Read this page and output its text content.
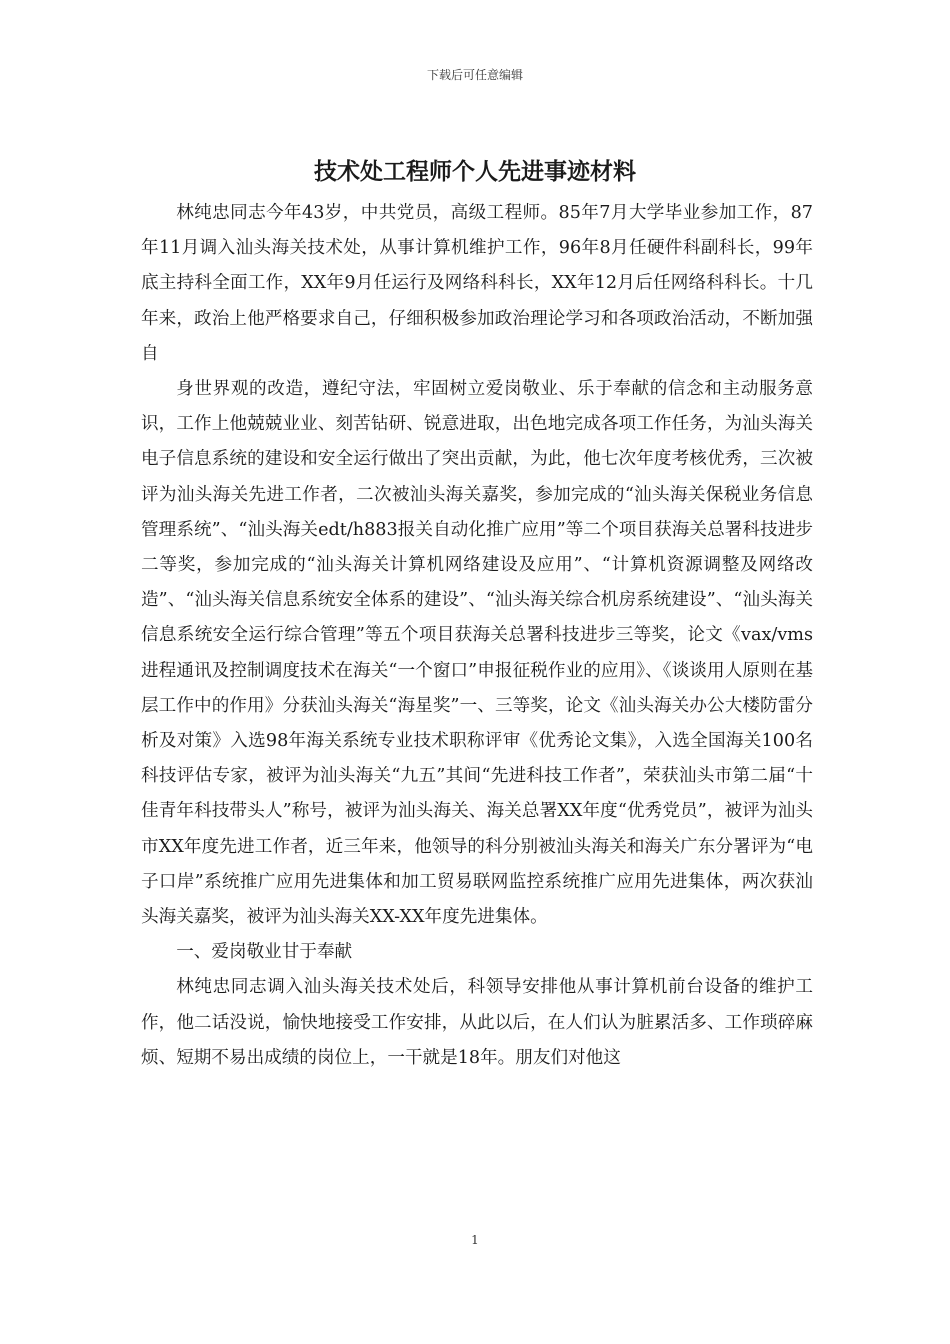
下载后可任意编辑
技术处工程师个人先进事迹材料

林纯忠同志今年43岁，中共党员，高级工程师。85年7月大学毕业参加工作，87年11月调入汕头海关技术处，从事计算机维护工作，96年8月任硬件科副科长，99年底主持科全面工作，XX年9月任运行及网络科科长，XX年12月后任网络科科长。十几年来，政治上他严格要求自己，仔细积极参加政治理论学习和各项政治活动，不断加强自

身世界观的改造，遵纪守法，牢固树立爱岗敬业、乐于奉献的信念和主动服务意识，工作上他兢兢业业、刻苦钻研、锐意进取，出色地完成各项工作任务，为汕头海关电子信息系统的建设和安全运行做出了突出贡献，为此，他七次年度考核优秀，三次被评为汕头海关先进工作者，二次被汕头海关嘉奖，参加完成的“汕头海关保税业务信息管理系统”、“汕头海关edt/h883报关自动化推广应用”等二个项目获海关总署科技进步二等奖，参加完成的“汕头海关计算机网络建设及应用”、“计算机资源调整及网络改造”、“汕头海关信息系统安全体系的建设”、“汕头海关综合机房系统建设”、“汕头海关信息系统安全运行综合管理”等五个项目获海关总署科技进步三等奖，论文《vax/vms进程通讯及控制调度技术在海关“一个窗口”申报征税作业的应用》、《谈谈用人原则在基层工作中的作用》分获汕头海关“海星奖”一、三等奖，论文《汕头海关办公大楼防雷分析及对策》入选98年海关系统专业技术职称评审《优秀论文集》，入选全国海关100名科技评估专家，被评为汕头海关“九五”其间“先进科技工作者”，荣获汕头市第二届“十佳青年科技带头人”称号，被评为汕头海关、海关总署XX年度“优秀党员”，被评为汕头市XX年度先进工作者，近三年来，他领导的科分别被汕头海关和海关广东分署评为“电子口岸”系统推广应用先进集体和加工贸易联网监控系统推广应用先进集体，两次获汕头海关嘉奖，被评为汕头海关XX-XX年度先进集体。

一、爱岗敬业甘于奉献

林纯忠同志调入汕头海关技术处后，科领导安排他从事计算机前台设备的维护工作，他二话没说，愉快地接受工作安排，从此以后，在人们认为脏累活多、工作琐碎麻烦、短期不易出成绩的岗位上，一干就是18年。朋友们对他这

1
